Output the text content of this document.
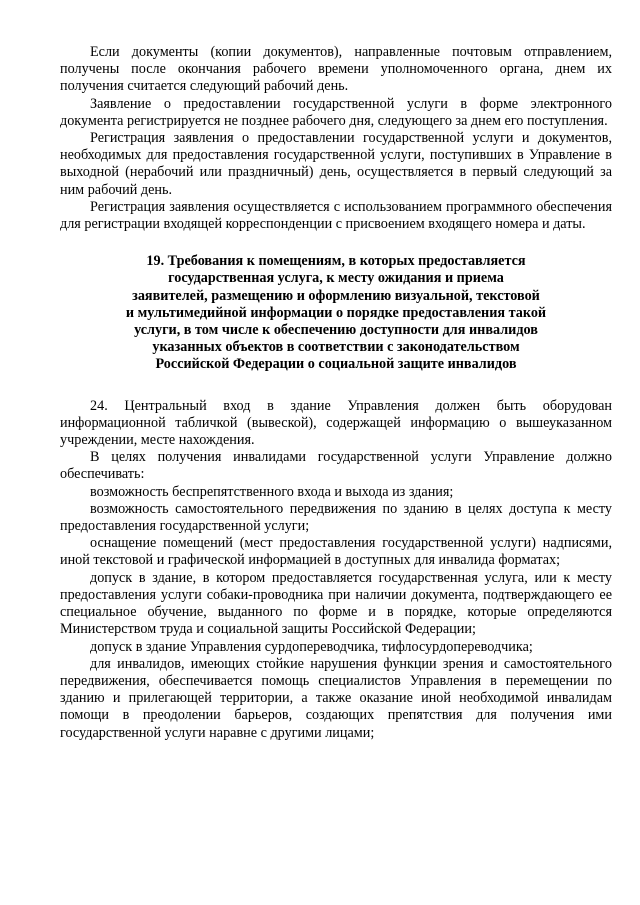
Если документы (копии документов), направленные почтовым отправлением, получены после окончания рабочего времени уполномоченного органа, днем их получения считается следующий рабочий день.

Заявление о предоставлении государственной услуги в форме электронного документа регистрируется не позднее рабочего дня, следующего за днем его поступления.

Регистрация заявления о предоставлении государственной услуги и документов, необходимых для предоставления государственной услуги, поступивших в Управление в выходной (нерабочий или праздничный) день, осуществляется в первый следующий за ним рабочий день.

Регистрация заявления осуществляется с использованием программного обеспечения для регистрации входящей корреспонденции с присвоением входящего номера и даты.

19. Требования к помещениям, в которых предоставляется
государственная услуга, к месту ожидания и приема
заявителей, размещению и оформлению визуальной, текстовой
и мультимедийной информации о порядке предоставления такой
услуги, в том числе к обеспечению доступности для инвалидов
указанных объектов в соответствии с законодательством
Российской Федерации о социальной защите инвалидов

24. Центральный вход в здание Управления должен быть оборудован информационной табличкой (вывеской), содержащей информацию о вышеуказанном учреждении, месте нахождения.

В целях получения инвалидами государственной услуги Управление должно обеспечивать:

возможность беспрепятственного входа и выхода из здания;

возможность самостоятельного передвижения по зданию в целях доступа к месту предоставления государственной услуги;

оснащение помещений (мест предоставления государственной услуги) надписями, иной текстовой и графической информацией в доступных для инвалида форматах;

допуск в здание, в котором предоставляется государственная услуга, или к месту предоставления услуги собаки-проводника при наличии документа, подтверждающего ее специальное обучение, выданного по форме и в порядке, которые определяются Министерством труда и социальной защиты Российской Федерации;

допуск в здание Управления сурдопереводчика, тифлосурдопереводчика;

для инвалидов, имеющих стойкие нарушения функции зрения и самостоятельного передвижения, обеспечивается помощь специалистов Управления в перемещении по зданию и прилегающей территории, а также оказание иной необходимой инвалидам помощи в преодолении барьеров, создающих препятствия для получения ими государственной услуги наравне с другими лицами;
